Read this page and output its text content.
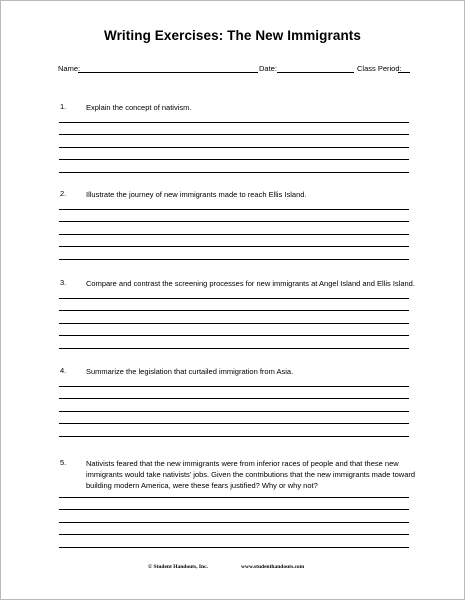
Writing Exercises: The New Immigrants
Name:	Date:	Class Period:
1.	Explain the concept of nativism.
2.	Illustrate the journey of new immigrants made to reach Ellis Island.
3.	Compare and contrast the screening processes for new immigrants at Angel Island and Ellis Island.
4.	Summarize the legislation that curtailed immigration from Asia.
5.	Nativists feared that the new immigrants were from inferior races of people and that these new immigrants would take nativists’ jobs. Given the contributions that the new immigrants made toward building modern America, were these fears justified? Why or why not?
© Student Handouts, Inc.	www.studenthandouts.com
